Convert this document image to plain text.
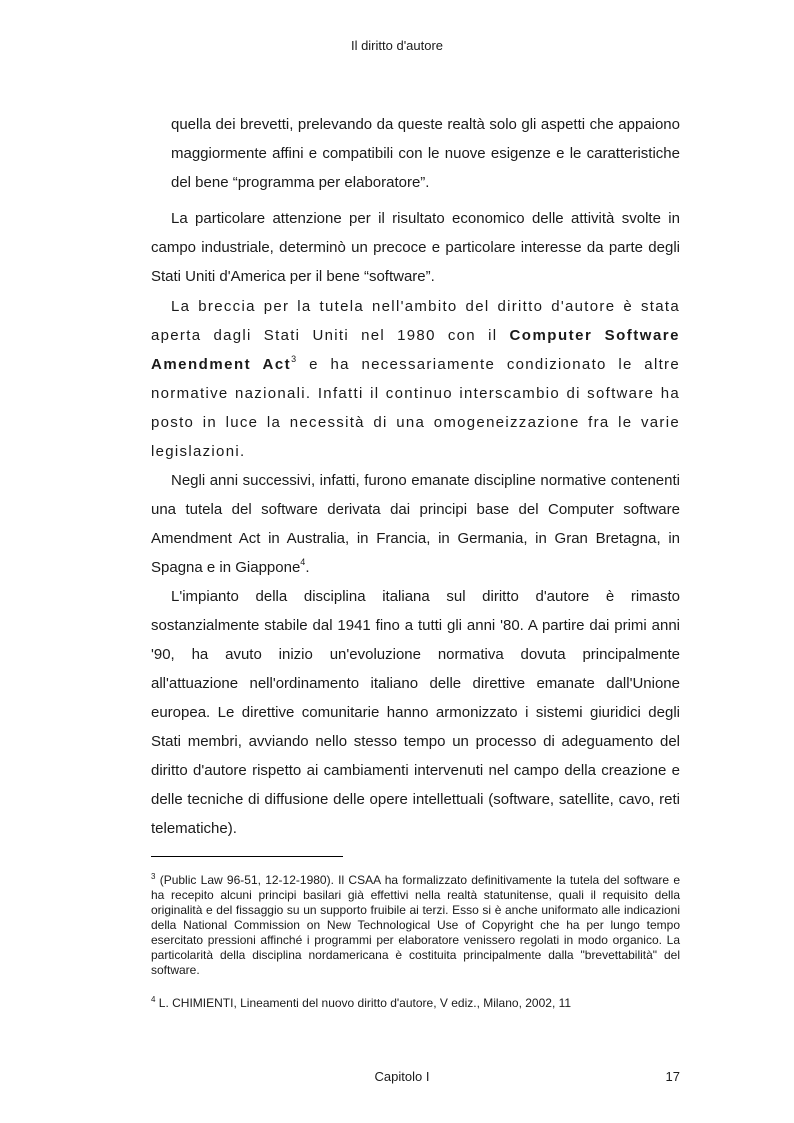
Il diritto d'autore

quella dei brevetti, prelevando da queste realtà solo gli aspetti che appaiono maggiormente affini e compatibili con le nuove esigenze e le caratteristiche del bene “programma per elaboratore”.

La particolare attenzione per il risultato economico delle attività svolte in campo industriale, determinò un precoce e particolare interesse da parte degli Stati Uniti d'America per il bene “software”.

La breccia per la tutela nell'ambito del diritto d'autore è stata aperta dagli Stati Uniti nel 1980 con il Computer Software Amendment Act$^3$ e ha necessariamente condizionato le altre normative nazionali. Infatti il continuo interscambio di software ha posto in luce la necessità di una omogeneizzazione fra le varie legislazioni.

Negli anni successivi, infatti, furono emanate discipline normative contenenti una tutela del software derivata dai principi base del Computer software Amendment Act in Australia, in Francia, in Germania, in Gran Bretagna, in Spagna e in Giappone$^4$.

L'impianto della disciplina italiana sul diritto d'autore è rimasto sostanzialmente stabile dal 1941 fino a tutti gli anni '80. A partire dai primi anni '90, ha avuto inizio un'evoluzione normativa dovuta principalmente all'attuazione nell'ordinamento italiano delle direttive emanate dall'Unione europea. Le direttive comunitarie hanno armonizzato i sistemi giuridici degli Stati membri, avviando nello stesso tempo un processo di adeguamento del diritto d'autore rispetto ai cambiamenti intervenuti nel campo della creazione e delle tecniche di diffusione delle opere intellettuali (software, satellite, cavo, reti telematiche).

$^3$ (Public Law 96-51, 12-12-1980). Il CSAA ha formalizzato definitivamente la tutela del software e ha recepito alcuni principi basilari già effettivi nella realtà statunitense, quali il requisito della originalità e del fissaggio su un supporto fruibile ai terzi. Esso si è anche uniformato alle indicazioni della National Commission on New Technological Use of Copyright che ha per lungo tempo esercitato pressioni affinché i programmi per elaboratore venissero regolati in modo organico. La particolarità della disciplina nordamericana è costituita principalmente dalla "brevettabilità" del software.

$^4$ L. CHIMIENTI, Lineamenti del nuovo diritto d'autore, V ediz., Milano, 2002, 11

Capitolo I	17
